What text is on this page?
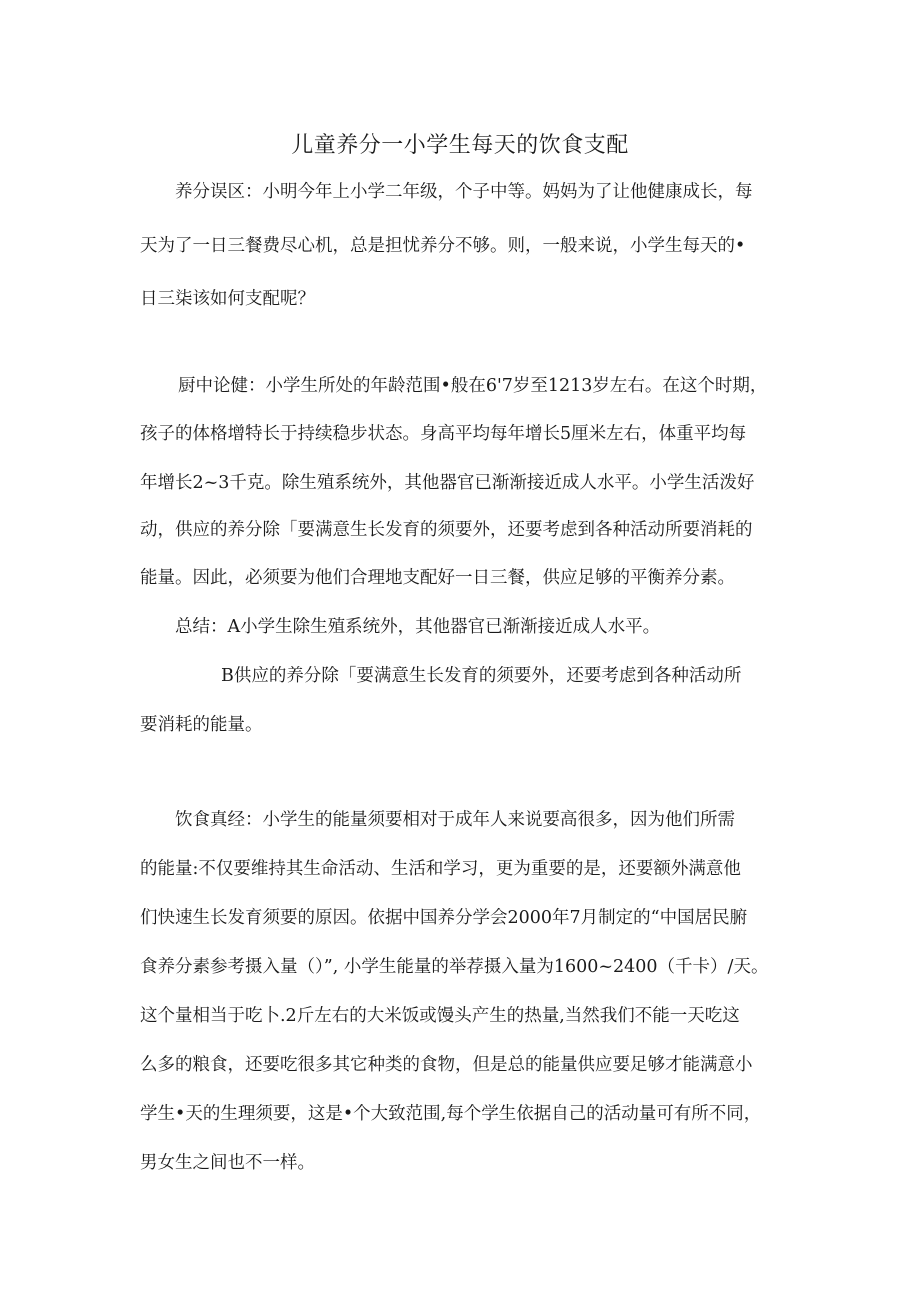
儿童养分一小学生每天的饮食支配
养分误区：小明今年上小学二年级，个子中等。妈妈为了让他健康成长，每
天为了一日三餐费尽心机，总是担忧养分不够。则，一般来说，小学生每天的•
日三柒该如何支配呢？
厨中论健：小学生所处的年龄范围•般在6'7岁至1213岁左右。在这个时期，
孩子的体格增特长于持续稳步状态。身高平均每年增长5厘米左右，体重平均每
年增长2~3千克。除生殖系统外，其他器官已渐渐接近成人水平。小学生活泼好
动，供应的养分除「要满意生长发育的须要外，还要考虑到各种活动所要消耗的
能量。因此，必须要为他们合理地支配好一日三餐，供应足够的平衡养分素。
总结：A小学生除生殖系统外，其他器官已渐渐接近成人水平。
B供应的养分除「要满意生长发育的须要外，还要考虑到各种活动所
要消耗的能量。
饮食真经：小学生的能量须要相对于成年人来说要高很多，因为他们所需
的能量:不仅要维持其生命活动、生活和学习，更为重要的是，还要额外满意他
们快速生长发育须要的原因。依据中国养分学会2000年7月制定的“中国居民腑
食养分素参考摄入量（）”, 小学生能量的举荐摄入量为1600~2400（千卡）/天。
这个量相当于吃卜.2斤左右的大米饭或馒头产生的热量,当然我们不能一天吃这
么多的粮食，还要吃很多其它种类的食物，但是总的能量供应要足够才能满意小
学生•天的生理须要，这是•个大致范围,每个学生依据自己的活动量可有所不同，
男女生之间也不一样。
